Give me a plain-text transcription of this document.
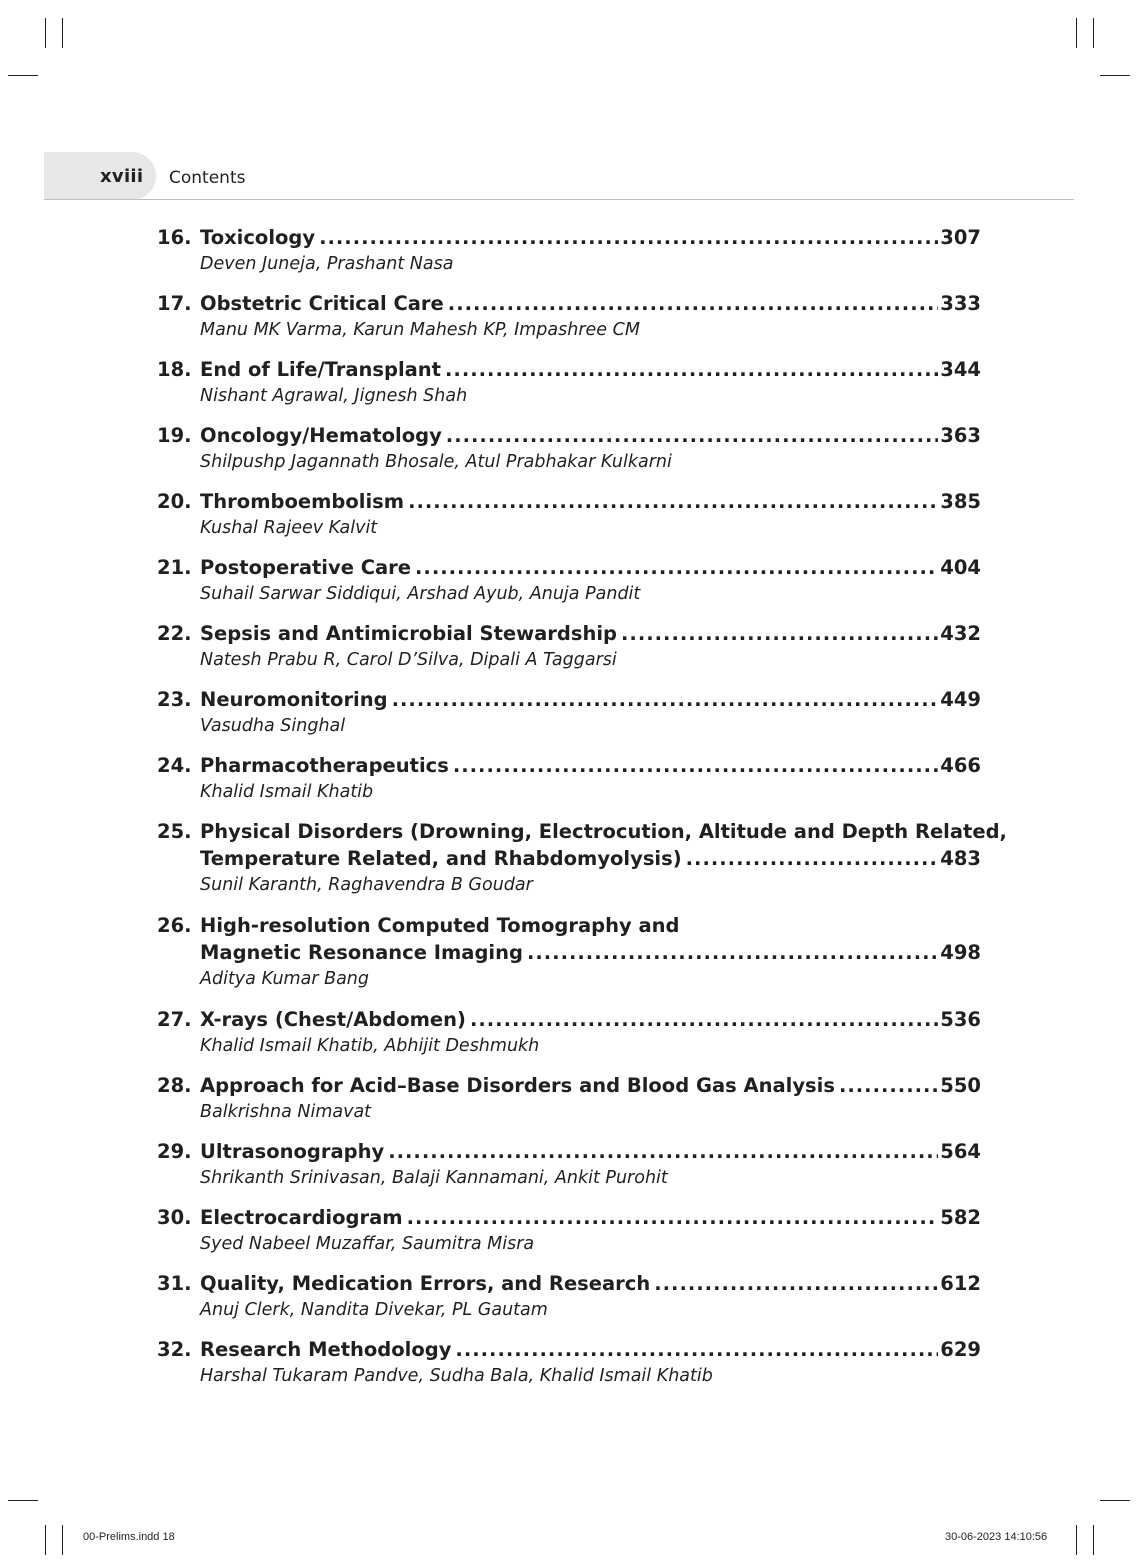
xviii Contents
16. Toxicology .....	307
Deven Juneja, Prashant Nasa
17. Obstetric Critical Care .....	333
Manu MK Varma, Karun Mahesh KP, Impashree CM
18. End of Life/Transplant .....	344
Nishant Agrawal, Jignesh Shah
19. Oncology/Hematology .....	363
Shilpushp Jagannath Bhosale, Atul Prabhakar Kulkarni
20. Thromboembolism .....	385
Kushal Rajeev Kalvit
21. Postoperative Care .....	404
Suhail Sarwar Siddiqui, Arshad Ayub, Anuja Pandit
22. Sepsis and Antimicrobial Stewardship .....	432
Natesh Prabu R, Carol D’Silva, Dipali A Taggarsi
23. Neuromonitoring .....	449
Vasudha Singhal
24. Pharmacotherapeutics .....	466
Khalid Ismail Khatib
25. Physical Disorders (Drowning, Electrocution, Altitude and Depth Related,
Temperature Related, and Rhabdomyolysis) .....	483
Sunil Karanth, Raghavendra B Goudar
26. High-resolution Computed Tomography and
Magnetic Resonance Imaging .....	498
Aditya Kumar Bang
27. X-rays (Chest/Abdomen) .....	536
Khalid Ismail Khatib, Abhijit Deshmukh
28. Approach for Acid–Base Disorders and Blood Gas Analysis .....	550
Balkrishna Nimavat
29. Ultrasonography .....	564
Shrikanth Srinivasan, Balaji Kannamani, Ankit Purohit
30. Electrocardiogram .....	582
Syed Nabeel Muzaffar, Saumitra Misra
31. Quality, Medication Errors, and Research .....	612
Anuj Clerk, Nandita Divekar, PL Gautam
32. Research Methodology .....	629
Harshal Tukaram Pandve, Sudha Bala, Khalid Ismail Khatib
00-Prelims.indd 18	30-06-2023 14:10:56
